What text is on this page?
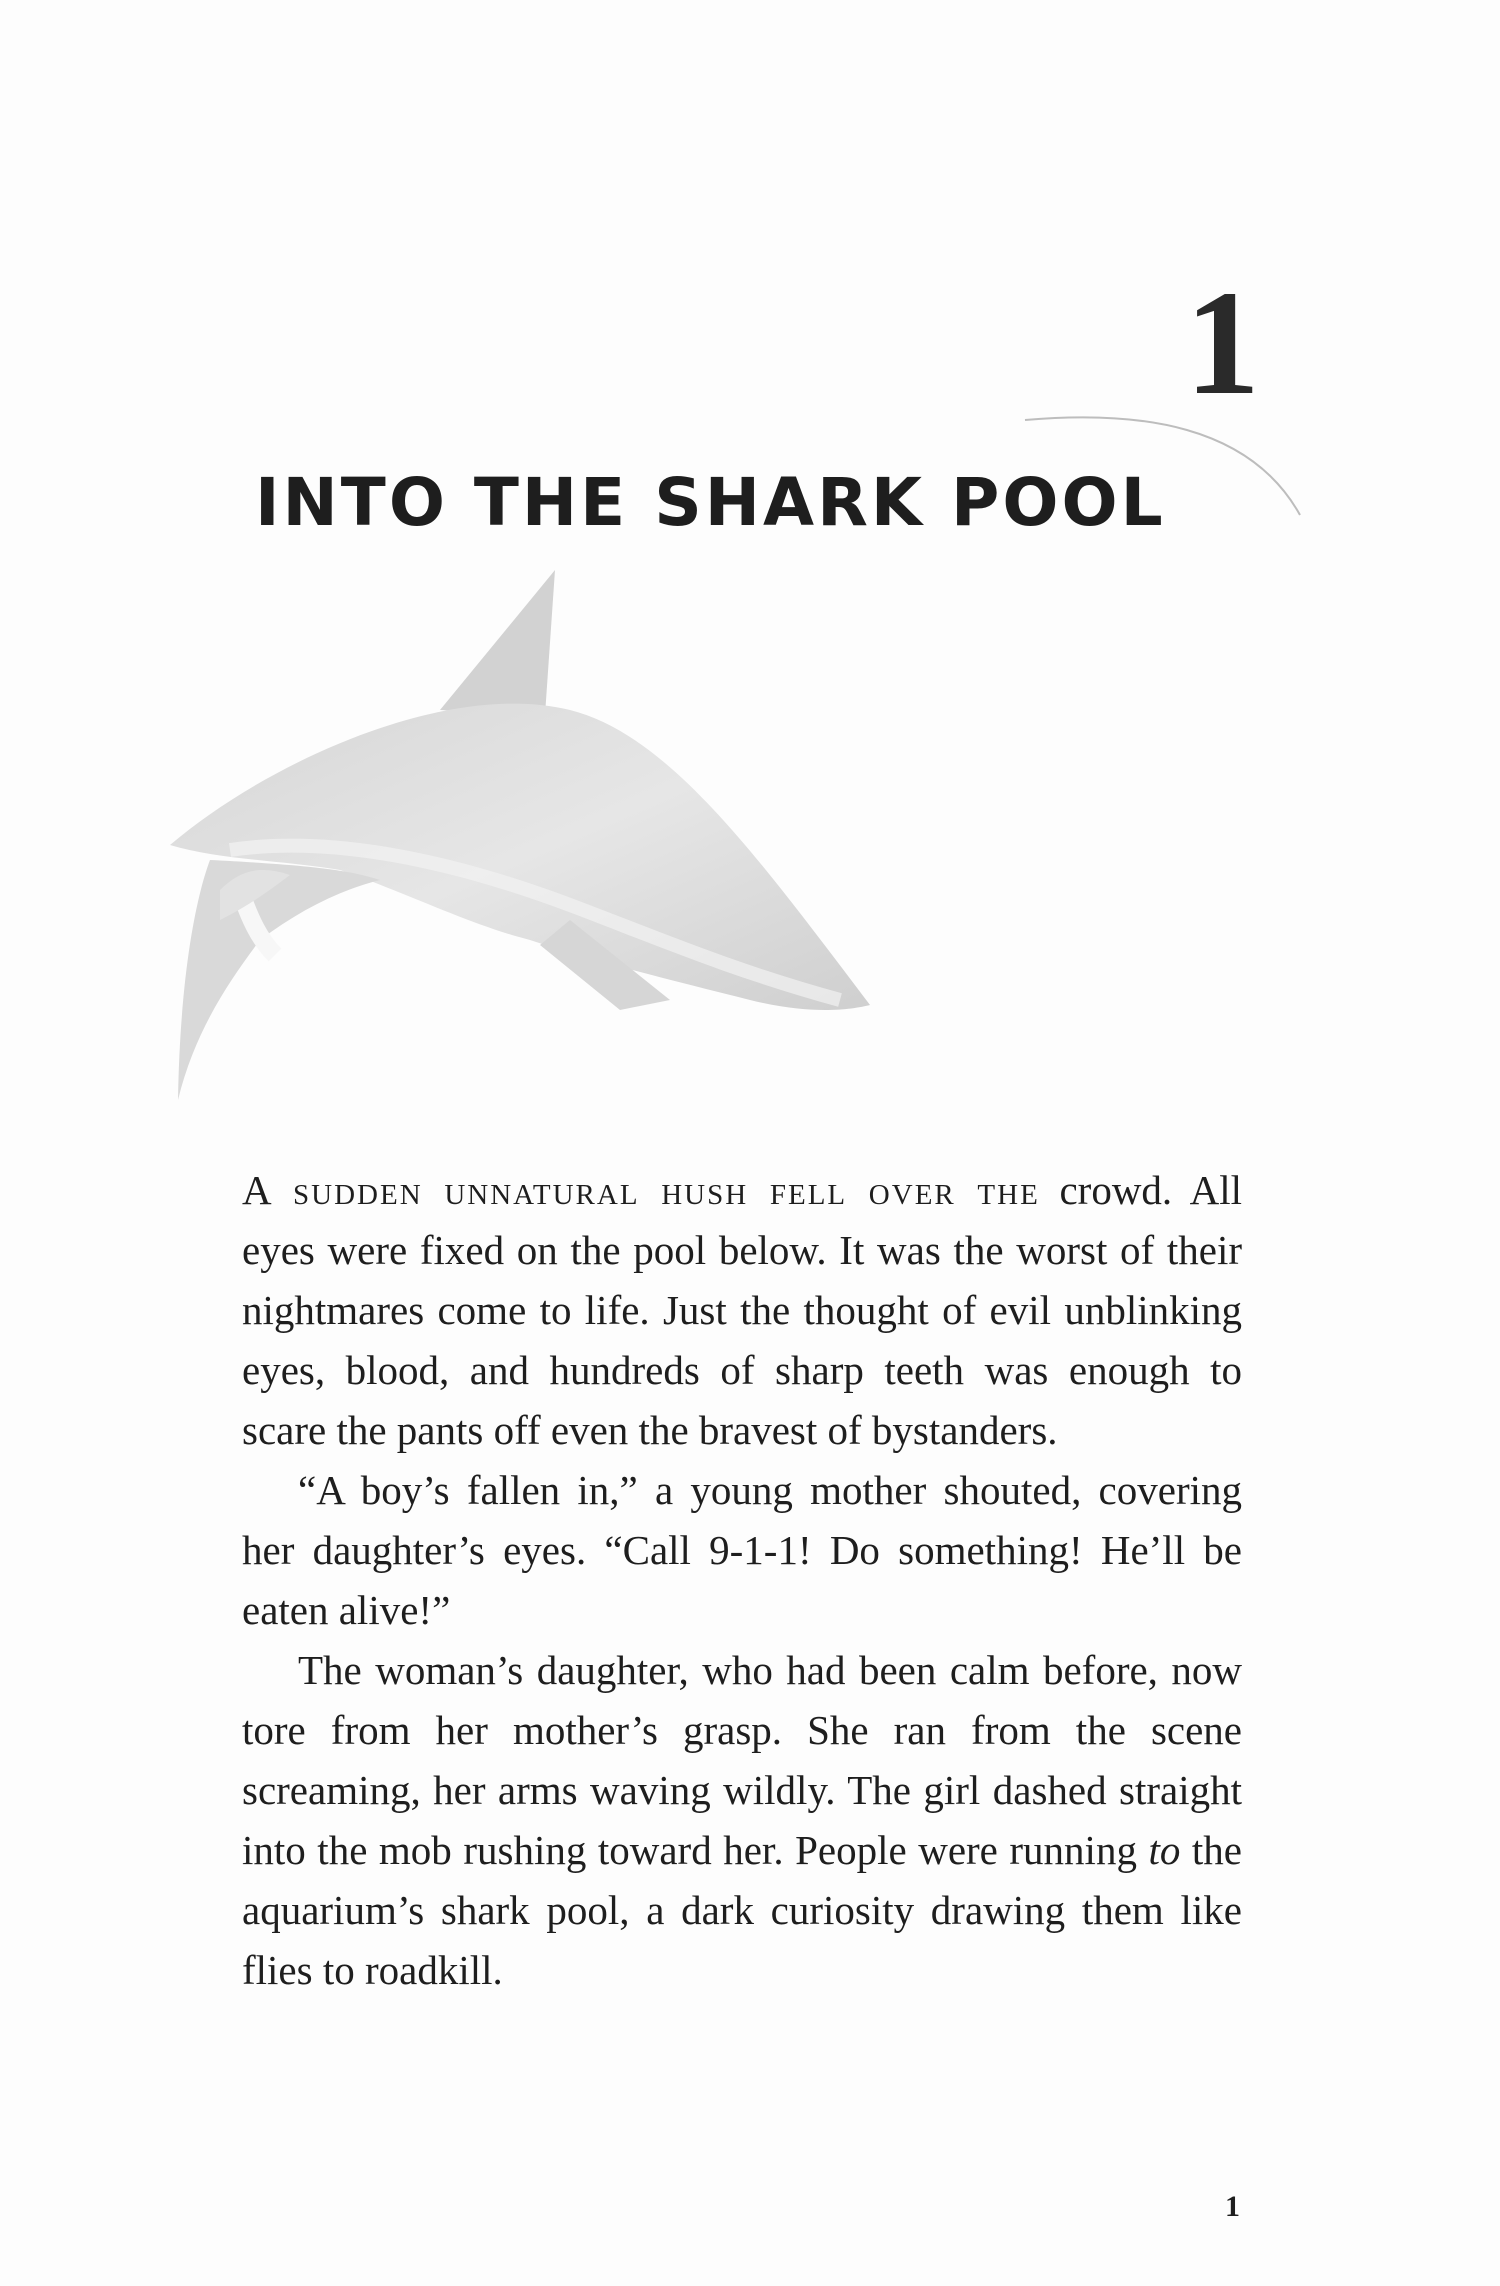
1
INTO THE SHARK POOL

A sudden unnatural hush fell over the crowd. All eyes were fixed on the pool below. It was the worst of their nightmares come to life. Just the thought of evil unblinking eyes, blood, and hundreds of sharp teeth was enough to scare the pants off even the bravest of bystanders.

“A boy’s fallen in,” a young mother shouted, covering her daughter’s eyes. “Call 9-1-1! Do something! He’ll be eaten alive!”

The woman’s daughter, who had been calm before, now tore from her mother’s grasp. She ran from the scene screaming, her arms waving wildly. The girl dashed straight into the mob rushing toward her. People were running to the aquarium’s shark pool, a dark curiosity drawing them like flies to roadkill.

1
